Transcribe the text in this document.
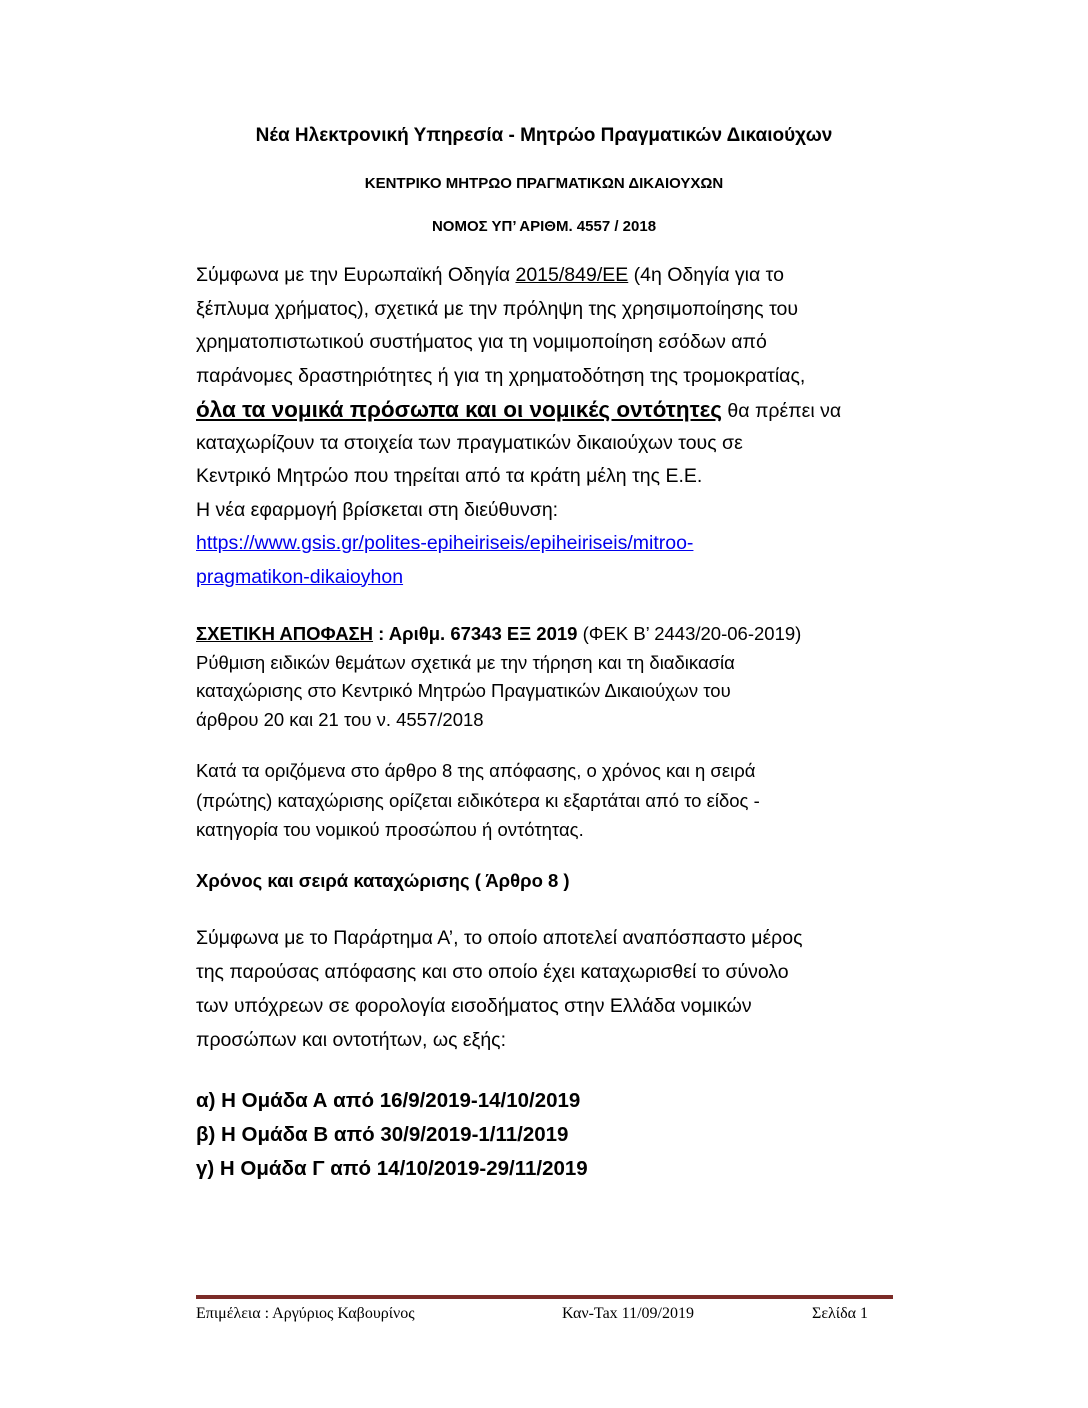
Νέα Ηλεκτρονική Υπηρεσία - Μητρώο Πραγματικών Δικαιούχων
ΚΕΝΤΡΙΚΟ ΜΗΤΡΩΟ ΠΡΑΓΜΑΤΙΚΩΝ ΔΙΚΑΙΟΥΧΩΝ
ΝΟΜΟΣ ΥΠ’ ΑΡΙΘΜ. 4557 / 2018
Σύμφωνα με την Ευρωπαϊκή Οδηγία 2015/849/ΕΕ (4η Οδηγία για το
ξέπλυμα χρήματος), σχετικά με την πρόληψη της χρησιμοποίησης του
χρηματοπιστωτικού συστήματος για τη νομιμοποίηση εσόδων από
παράνομες δραστηριότητες ή για τη χρηματοδότηση της τρομοκρατίας,
όλα τα νομικά πρόσωπα και οι νομικές οντότητες θα πρέπει να
καταχωρίζουν τα στοιχεία των πραγματικών δικαιούχων τους σε
Κεντρικό Μητρώο που τηρείται από τα κράτη μέλη της Ε.Ε.
Η νέα εφαρμογή βρίσκεται στη διεύθυνση:
https://www.gsis.gr/polites-epiheiriseis/epiheiriseis/mitroo-
pragmatikon-dikaioyhon
ΣΧΕΤΙΚΗ ΑΠΟΦΑΣΗ : Αριθμ. 67343 ΕΞ 2019 (ΦΕΚ Β’ 2443/20-06-2019)
Ρύθμιση ειδικών θεμάτων σχετικά με την τήρηση και τη διαδικασία
καταχώρισης στο Κεντρικό Μητρώο Πραγματικών Δικαιούχων του
άρθρου 20 και 21 του ν. 4557/2018
Κατά τα οριζόμενα στο άρθρο 8 της απόφασης, ο χρόνος και η σειρά
(πρώτης) καταχώρισης ορίζεται ειδικότερα κι εξαρτάται από το είδος -
κατηγορία του νομικού προσώπου ή οντότητας.
Χρόνος και σειρά καταχώρισης ( Άρθρο 8 )
Σύμφωνα με το Παράρτημα Α’, το οποίο αποτελεί αναπόσπαστο μέρος
της παρούσας απόφασης και στο οποίο έχει καταχωρισθεί το σύνολο
των υπόχρεων σε φορολογία εισοδήματος στην Ελλάδα νομικών
προσώπων και οντοτήτων, ως εξής:
α) Η Ομάδα Α από 16/9/2019-14/10/2019
β) Η Ομάδα Β από 30/9/2019-1/11/2019
γ) Η Ομάδα Γ από 14/10/2019-29/11/2019
Επιμέλεια : Αργύριος Καβουρίνος	Καν-Tax 11/09/2019	Σελίδα 1
